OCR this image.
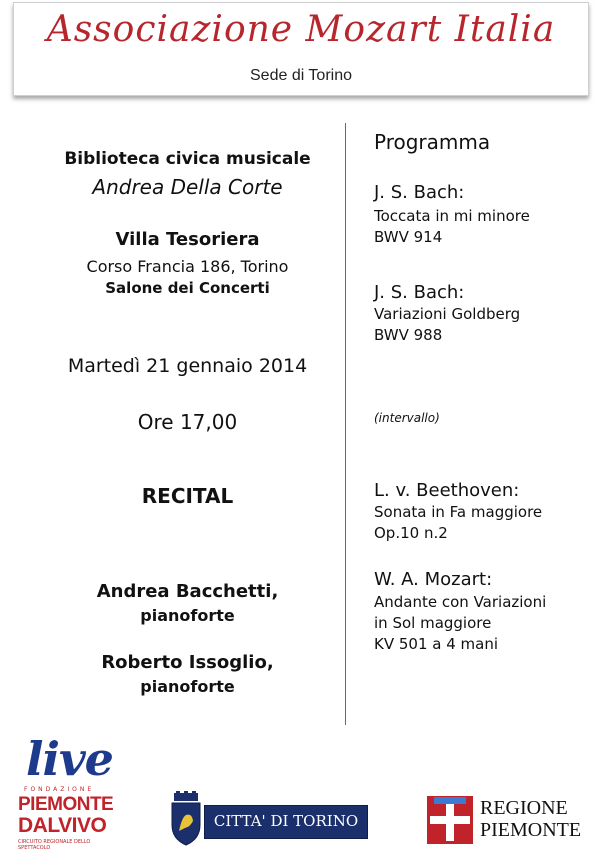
Associazione Mozart Italia
Sede di Torino
Biblioteca civica musicale
Andrea Della Corte
Villa Tesoriera
Corso Francia 186, Torino
Salone dei Concerti
Martedì 21 gennaio 2014
Ore 17,00
RECITAL
Andrea Bacchetti,
pianoforte
Roberto Issoglio,
pianoforte
Programma
J. S. Bach:
Toccata in mi minore
BWV 914
J. S. Bach:
Variazioni Goldberg
BWV 988
(intervallo)
L. v. Beethoven:
Sonata in Fa maggiore
Op.10 n.2
W. A. Mozart:
Andante con Variazioni
in Sol maggiore
KV 501 a 4 mani
live
FONDAZIONE
PIEMONTE
DALVIVO
CIRCUITO REGIONALE DELLO SPETTACOLO
CITTA' DI TORINO
REGIONE
PIEMONTE
